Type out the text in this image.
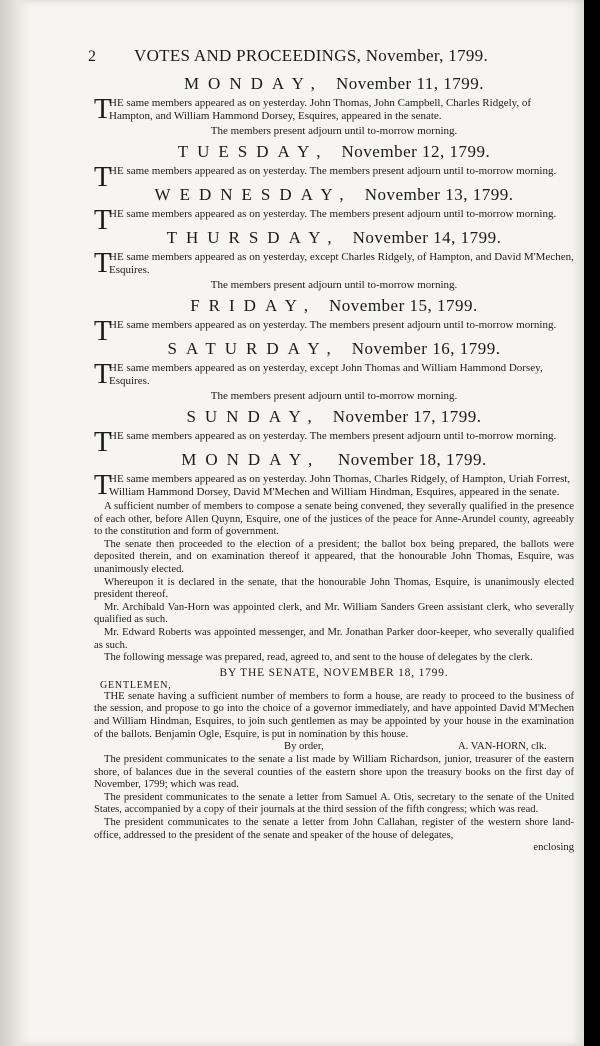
2 VOTES AND PROCEEDINGS, November, 1799.
MONDAY, November 11, 1799.
T
HE same members appeared as on yesterday. John Thomas, John Campbell, Charles Ridgely, of Hampton, and William Hammond Dorsey, Esquires, appeared in the senate.
The members present adjourn until to-morrow morning.
TUESDAY, November 12, 1799.
T
HE same members appeared as on yesterday. The members present adjourn until to-morrow morning.
WEDNESDAY, November 13, 1799.
T
HE same members appeared as on yesterday. The members present adjourn until to-morrow morning.
THURSDAY, November 14, 1799.
T
HE same members appeared as on yesterday, except Charles Ridgely, of Hampton, and David M'Mechen, Esquires.
The members present adjourn until to-morrow morning.
FRIDAY, November 15, 1799.
T
HE same members appeared as on yesterday. The members present adjourn until to-morrow morning.
SATURDAY, November 16, 1799.
T
HE same members appeared as on yesterday, except John Thomas and William Hammond Dorsey, Esquires.
The members present adjourn until to-morrow morning.
SUNDAY, November 17, 1799.
T
HE same members appeared as on yesterday. The members present adjourn until to-morrow morning.
MONDAY, November 18, 1799.
T
HE same members appeared as on yesterday. John Thomas, Charles Ridgely, of Hampton, Uriah Forrest, William Hammond Dorsey, David M'Mechen and William Hindman, Esquires, appeared in the senate.

A sufficient number of members to compose a senate being convened, they severally qualified in the presence of each other, before Allen Quynn, Esquire, one of the justices of the peace for Anne-Arundel county, agreeably to the constitution and form of government.

The senate then proceeded to the election of a president; the ballot box being prepared, the ballots were deposited therein, and on examination thereof it appeared, that the honourable John Thomas, Esquire, was unanimously elected.

Whereupon it is declared in the senate, that the honourable John Thomas, Esquire, is unanimously elected president thereof.

Mr. Archibald Van-Horn was appointed clerk, and Mr. William Sanders Green assistant clerk, who severally qualified as such.

Mr. Edward Roberts was appointed messenger, and Mr. Jonathan Parker door-keeper, who severally qualified as such.

The following message was prepared, read, agreed to, and sent to the house of delegates by the clerk.

BY THE SENATE, NOVEMBER 18, 1799.
GENTLEMEN,

THE senate having a sufficient number of members to form a house, are ready to proceed to the business of the session, and propose to go into the choice of a governor immediately, and have appointed David M'Mechen and William Hindman, Esquires, to join such gentlemen as may be appointed by your house in the examination of the ballots. Benjamin Ogle, Esquire, is put in nomination by this house.

By order,	A. VAN-HORN, clk.

The president communicates to the senate a list made by William Richardson, junior, treasurer of the eastern shore, of balances due in the several counties of the eastern shore upon the treasury books on the first day of November, 1799; which was read.

The president communicates to the senate a letter from Samuel A. Otis, secretary to the senate of the United States, accompanied by a copy of their journals at the third session of the fifth congress; which was read.

The president communicates to the senate a letter from John Callahan, register of the western shore land-office, addressed to the president of the senate and speaker of the house of delegates,

enclosing
